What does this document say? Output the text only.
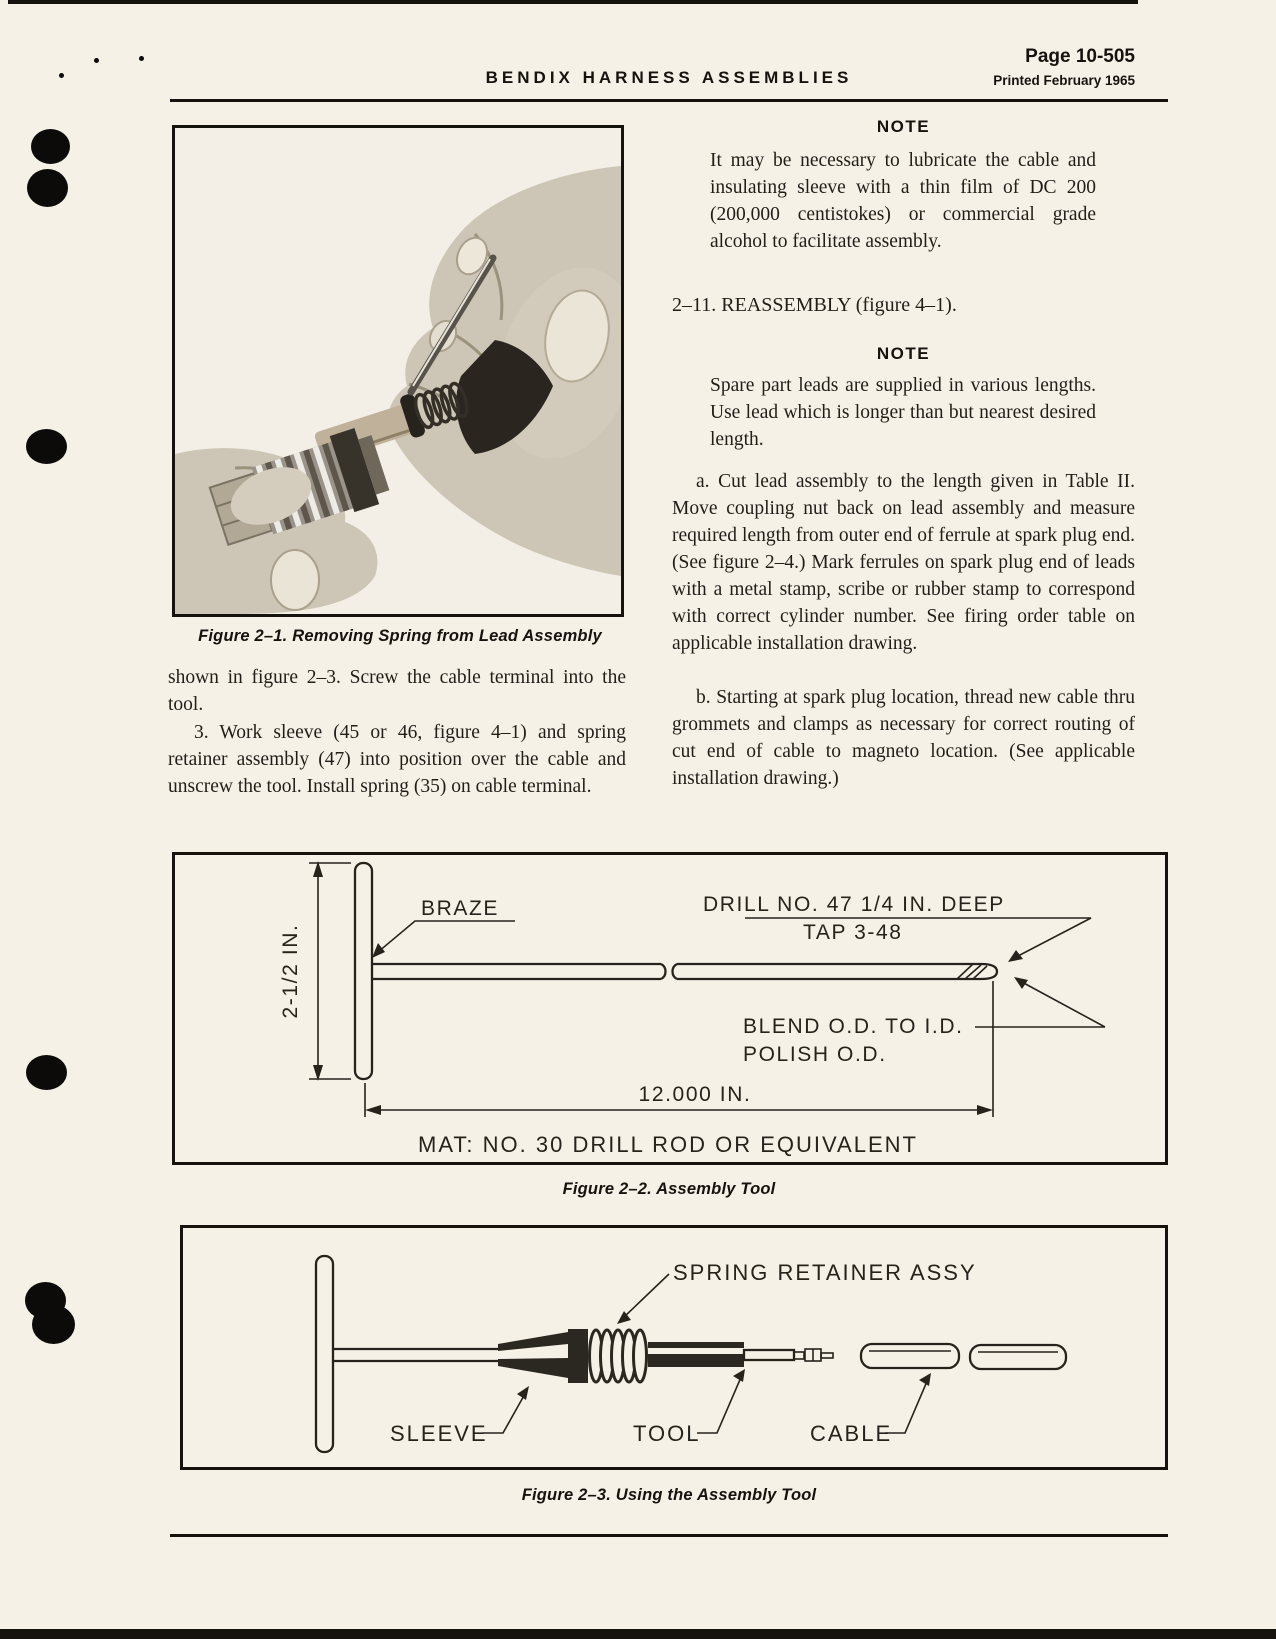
BENDIX HARNESS ASSEMBLIES
Page 10-505
Printed February 1965
Figure 2–1. Removing Spring from Lead Assembly
shown in figure 2–3. Screw the cable terminal into the tool.
3. Work sleeve (45 or 46, figure 4–1) and spring retainer assembly (47) into position over the cable and unscrew the tool. Install spring (35) on cable terminal.
NOTE
It may be necessary to lubricate the cable and insulating sleeve with a thin film of DC 200 (200,000 centistokes) or commercial grade alcohol to facilitate assembly.
2–11. REASSEMBLY (figure 4–1).
NOTE
Spare part leads are supplied in various lengths. Use lead which is longer than but nearest desired length.
a. Cut lead assembly to the length given in Table II. Move coupling nut back on lead assembly and measure required length from outer end of ferrule at spark plug end. (See figure 2–4.) Mark ferrules on spark plug end of leads with a metal stamp, scribe or rubber stamp to correspond with correct cylinder number. See firing order table on applicable installation drawing.
b. Starting at spark plug location, thread new cable thru grommets and clamps as necessary for correct routing of cut end of cable to magneto location. (See applicable installation drawing.)
2-1/2 IN.
BRAZE	DRILL NO. 47 1/4 IN. DEEP
TAP 3-48
BLEND O.D. TO I.D.
POLISH O.D.
12.000 IN.
MAT: NO. 30 DRILL ROD OR EQUIVALENT
Figure 2–2. Assembly Tool
SPRING RETAINER ASSY
SLEEVE	TOOL	CABLE
Figure 2–3. Using the Assembly Tool
